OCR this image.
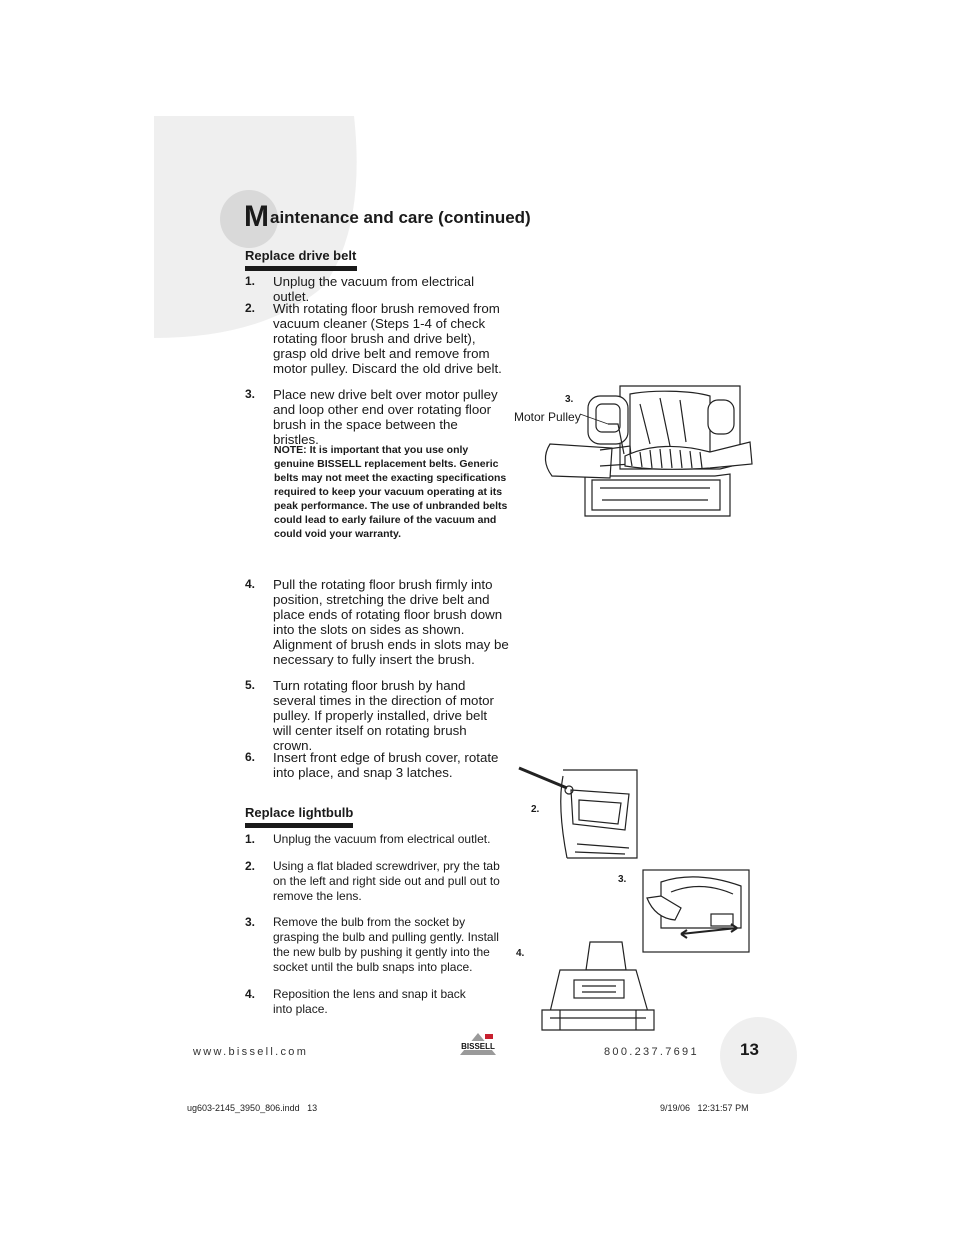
Maintenance and care (continued)
Replace drive belt
1. Unplug the vacuum from electrical outlet.
2. With rotating floor brush removed from vacuum cleaner (Steps 1-4 of check rotating floor brush and drive belt), grasp old drive belt and remove from motor pulley. Discard the old drive belt.
3. Place new drive belt over motor pulley and loop other end over rotating floor brush in the space between the bristles.
NOTE: It is important that you use only genuine BISSELL replacement belts. Generic belts may not meet the exacting specifications required to keep your vacuum operating at its peak performance. The use of unbranded belts could lead to early failure of the vacuum and could void your warranty.
4. Pull the rotating floor brush firmly into position, stretching the drive belt and place ends of rotating floor brush down into the slots on sides as shown. Alignment of brush ends in slots may be necessary to fully insert the brush.
5. Turn rotating floor brush by hand several times in the direction of motor pulley. If properly installed, drive belt will center itself on rotating brush crown.
6. Insert front edge of brush cover, rotate into place, and snap 3 latches.
3.
Motor Pulley
Replace lightbulb
1. Unplug the vacuum from electrical outlet.
2. Using a flat bladed screwdriver, pry the tab on the left and right side out and pull out to remove the lens.
3. Remove the bulb from the socket by grasping the bulb and pulling gently. Install the new bulb by pushing it gently into the socket until the bulb snaps into place.
4. Reposition the lens and snap it back into place.
2.
3.
4.
www.bissell.com	BISSELL	800.237.7691 13
ug603-2145_3950_806.indd   13	9/19/06   12:31:57 PM
